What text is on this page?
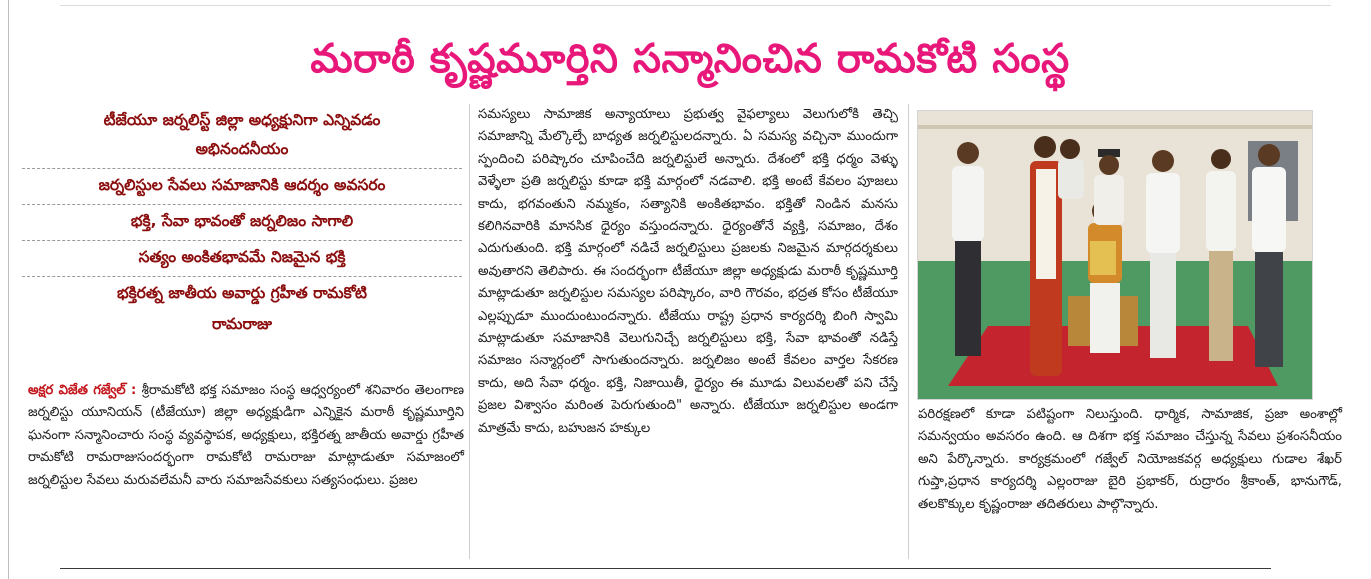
మరాఠీ కృష్ణమూర్తిని సన్మానించిన రామకోటి సంస్థ
టీజేయూ జర్నలిస్ట్ జిల్లా అధ్యక్షునిగా ఎన్నివడం
అభినందనీయం
జర్నలిస్టుల సేవలు సమాజానికి ఆదర్శం అవసరం
భక్తి, సేవా భావంతో జర్నలిజం సాగాలి
సత్యం అంకితభావమే నిజమైన భక్తి
భక్తిరత్న జాతీయ అవార్డు గ్రహీత రామకోటి
రామరాజు
అక్షర విజేత గజ్వేల్ : శ్రీరామకోటి భక్త సమాజం సంస్థ ఆధ్వర్యంలో శనివారం తెలంగాణ జర్నలిస్టు యూనియన్ (టీజేయూ) జిల్లా అధ్యక్షుడిగా ఎన్నికైన మరాఠీ కృష్ణమూర్తిని ఘనంగా సన్మానించారు సంస్థ వ్యవస్థాపక, అధ్యక్షులు, భక్తిరత్న జాతీయ అవార్డు గ్రహీత రామకోటి రామరాజుసందర్భంగా రామకోటి రామరాజు మాట్లాడుతూ సమాజంలో జర్నలిస్టుల సేవలు మరువలేమనీ వారు సమాజసేవకులు సత్యసంధులు. ప్రజల
సమస్యలు సామాజిక అన్యాయాలు ప్రభుత్వ వైఫల్యాలు వెలుగులోకి తెచ్చి సమాజాన్ని మేల్కొల్పే బాధ్యత జర్నలిస్టులదన్నారు. ఏ సమస్య వచ్చినా ముందుగా స్పందించి పరిష్కారం చూపించేది జర్నలిస్టులే అన్నారు. దేశంలో భక్తి ధర్మం వెళ్ళు వెళ్ళేలా ప్రతి జర్నలిస్టు కూడా భక్తి మార్గంలో నడవాలి. భక్తి అంటే కేవలం పూజలు కాదు, భగవంతుని నమ్మకం, సత్యానికి అంకితభావం. భక్తితో నిండిన మనసు కలిగినవారికి మానసిక ధైర్యం వస్తుందన్నారు. ధైర్యంతోనే వ్యక్తి, సమాజం, దేశం ఎదుగుతుంది. భక్తి మార్గంలో నడిచే జర్నలిస్టులు ప్రజలకు నిజమైన మార్గదర్శకులు అవుతారని తెలిపారు. ఈ సందర్భంగా టీజేయూ జిల్లా అధ్యక్షుడు మరాఠీ కృష్ణమూర్తి మాట్లాడుతూ జర్నలిస్టుల సమస్యల పరిష్కారం, వారి గౌరవం, భద్రత కోసం టీజేయూ ఎల్లప్పుడూ ముందుంటుందన్నారు. టీజేయు రాష్ట్ర ప్రధాన కార్యదర్శి బింగి స్వామి మాట్లాడుతూ సమాజానికి వెలుగునిచ్చే జర్నలిస్టులు భక్తి, సేవా భావంతో నడిస్తే సమాజం సన్మార్గంలో సాగుతుందన్నారు. జర్నలిజం అంటే కేవలం వార్తల సేకరణ కాదు, అది సేవా ధర్మం. భక్తి, నిజాయితీ, ధైర్యం ఈ మూడు విలువలతో పని చేస్తే ప్రజల విశ్వాసం మరింత పెరుగుతుంది" అన్నారు. టీజేయూ జర్నలిస్టుల అండగా మాత్రమే కాదు, బహుజన హక్కుల
పరిరక్షణలో కూడా పటిష్టంగా నిలుస్తుంది. ధార్మిక, సామాజిక, ప్రజా అంశాల్లో సమన్వయం అవసరం ఉంది. ఆ దిశగా భక్త సమాజం చేస్తున్న సేవలు ప్రశంసనీయం అని పేర్కొన్నారు. కార్యక్రమంలో గజ్వేల్ నియోజకవర్గ అధ్యక్షులు గుడాల శేఖర్ గుప్తా,ప్రధాన కార్యదర్శి ఎల్లంరాజు బైరి ప్రభాకర్, రుద్రారం శ్రీకాంత్, భానుగౌడ్, తలకొక్కుల కృష్ణంరాజు తదితరులు పాల్గొన్నారు.
